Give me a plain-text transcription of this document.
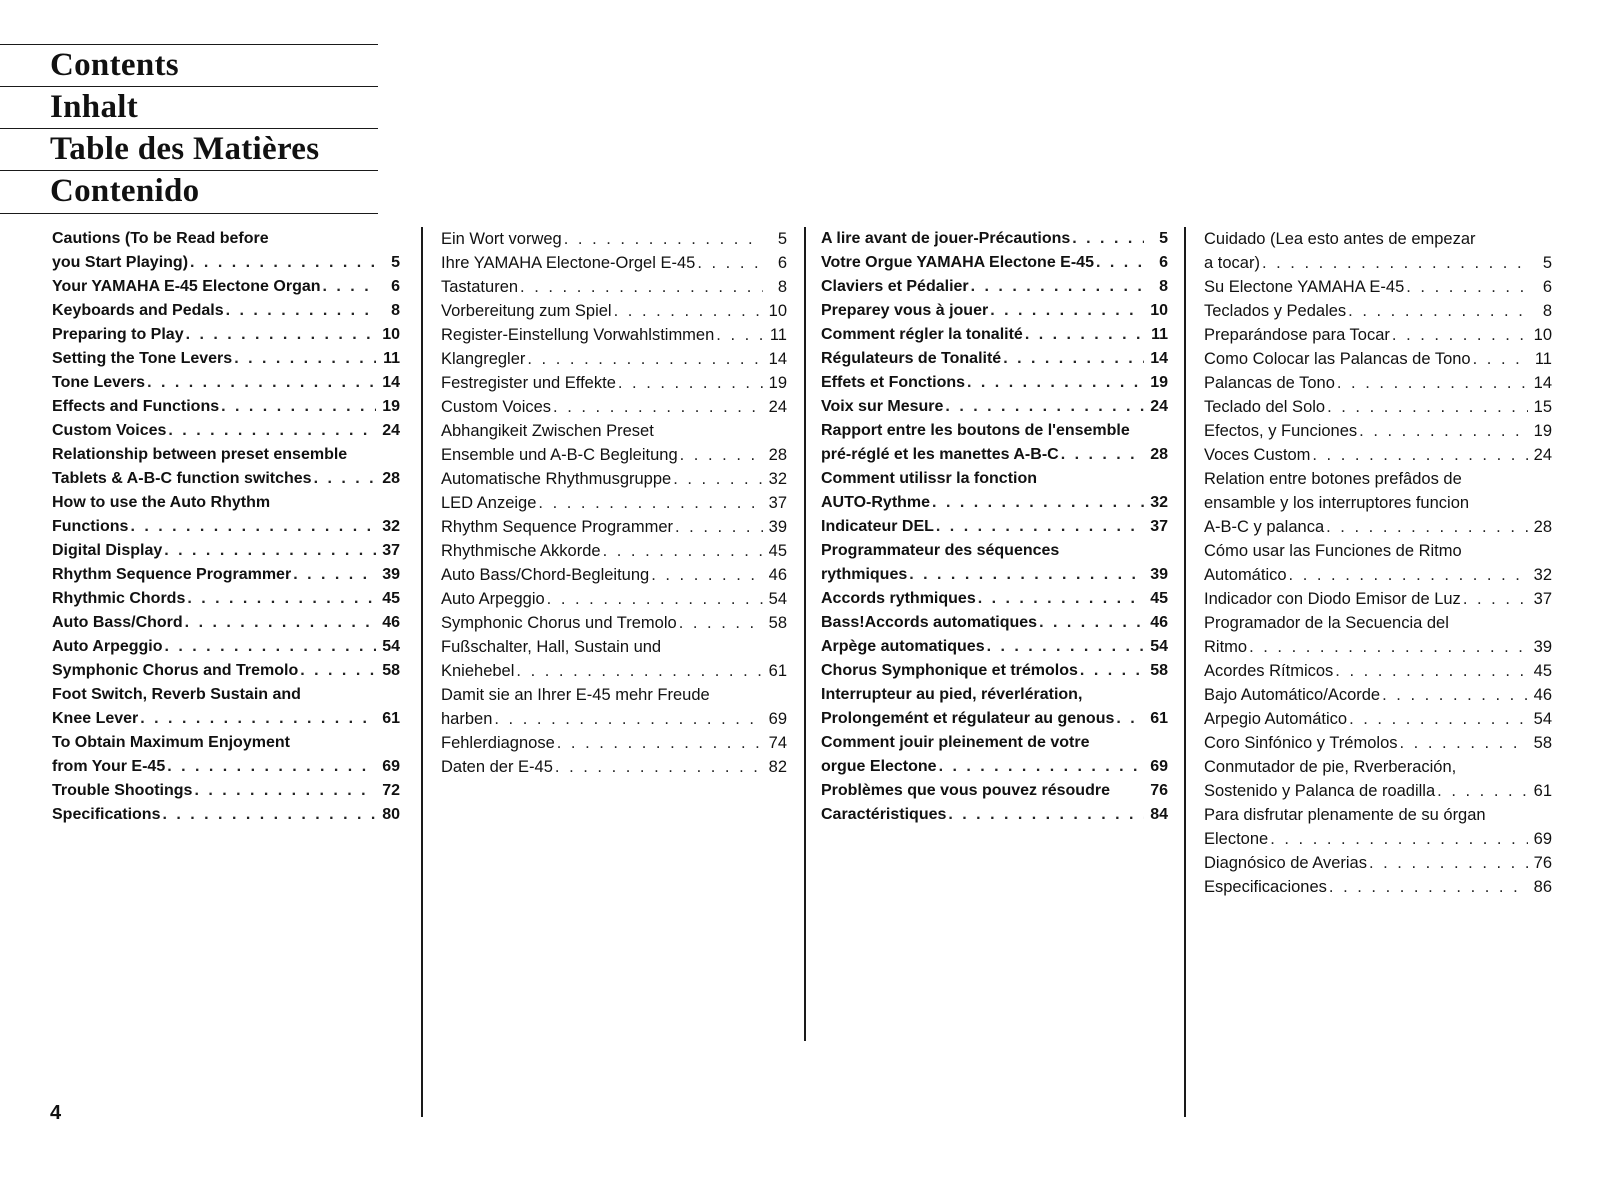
Contents
Inhalt
Table des Matières
Contenido
Cautions (To be Read before
you Start Playing) . . .	5
Your YAMAHA E-45 Electone Organ . . .	6
Keyboards and Pedals . . .	8
Preparing to Play . . .	10
Setting the Tone Levers . . .	11
Tone Levers . . .	14
Effects and Functions . . .	19
Custom Voices . . .	24
Relationship between preset ensemble
Tablets & A-B-C function switches . . .	28
How to use the Auto Rhythm
Functions . . .	32
Digital Display . . .	37
Rhythm Sequence Programmer . . .	39
Rhythmic Chords . . .	45
Auto Bass/Chord . . .	46
Auto Arpeggio . . .	54
Symphonic Chorus and Tremolo . . .	58
Foot Switch, Reverb Sustain and
Knee Lever . . .	61
To Obtain Maximum Enjoyment
from Your E-45 . . .	69
Trouble Shootings . . .	72
Specifications . . .	80
Ein Wort vorweg . . .	5
Ihre YAMAHA Electone-Orgel E-45 . . .	6
Tastaturen . . .	8
Vorbereitung zum Spiel . . .	10
Register-Einstellung Vorwahlstimmen . . .	11
Klangregler . . .	14
Festregister und Effekte . . .	19
Custom Voices . . .	24
Abhangikeit Zwischen Preset
Ensemble und A-B-C Begleitung . . .	28
Automatische Rhythmusgruppe . . .	32
LED Anzeige . . .	37
Rhythm Sequence Programmer . . .	39
Rhythmische Akkorde . . .	45
Auto Bass/Chord-Begleitung . . .	46
Auto Arpeggio . . .	54
Symphonic Chorus und Tremolo . . .	58
Fußschalter, Hall, Sustain und
Kniehebel . . .	61
Damit sie an Ihrer E-45 mehr Freude
harben . . .	69
Fehlerdiagnose . . .	74
Daten der E-45 . . .	82
A lire avant de jouer-Précautions . . .	5
Votre Orgue YAMAHA Electone E-45 . . .	6
Claviers et Pédalier . . .	8
Preparey vous à jouer . . .	10
Comment régler la tonalité . . .	11
Régulateurs de Tonalité . . .	14
Effets et Fonctions . . .	19
Voix sur Mesure . . .	24
Rapport entre les boutons de l'ensemble
pré-réglé et les manettes A-B-C . . .	28
Comment utilissr la fonction
AUTO-Rythme . . .	32
Indicateur DEL . . .	37
Programmateur des séquences
rythmiques . . .	39
Accords rythmiques . . .	45
Bass!Accords automatiques . . .	46
Arpège automatiques . . .	54
Chorus Symphonique et trémolos . . .	58
Interrupteur au pied, réverlération,
Prolongemént et régulateur au genous . . . 61
Comment jouir pleinement de votre
orgue Electone . . .	69
Problèmes que vous pouvez résoudre	76
Caractéristiques . . .	84
Cuidado (Lea esto antes de empezar
a tocar) . . .	5
Su Electone YAMAHA E-45 . . .	6
Teclados y Pedales . . .	8
Preparándose para Tocar . . .	10
Como Colocar las Palancas de Tono . . .	11
Palancas de Tono . . .	14
Teclado del Solo . . .	15
Efectos, y Funciones . . .	19
Voces Custom . . .	24
Relation entre botones prefâdos de
ensamble y los interruptores funcion
A-B-C y palanca . . .	28
Cómo usar las Funciones de Ritmo
Automático . . .	32
Indicador con Diodo Emisor de Luz . . .	37
Programador de la Secuencia del
Ritmo . . .	39
Acordes Rítmicos . . .	45
Bajo Automático/Acorde . . .	46
Arpegio Automático . . .	54
Coro Sinfónico y Trémolos . . .	58
Conmutador de pie, Rverberación,
Sostenido y Palanca de roadilla . . .	61
Para disfrutar plenamente de su órgan
Electone . . .	69
Diagnósico de Averias . . .	76
Especificaciones . . .	86
4
